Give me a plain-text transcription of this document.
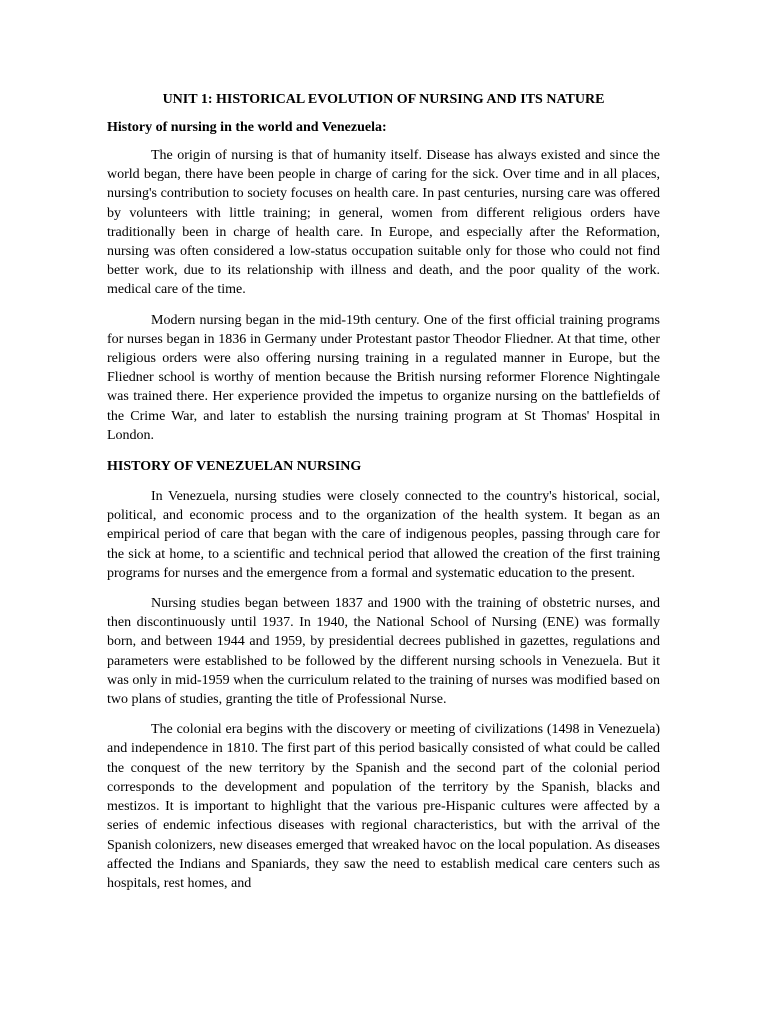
UNIT 1: HISTORICAL EVOLUTION OF NURSING AND ITS NATURE
History of nursing in the world and Venezuela:

The origin of nursing is that of humanity itself. Disease has always existed and since the world began, there have been people in charge of caring for the sick. Over time and in all places, nursing's contribution to society focuses on health care. In past centuries, nursing care was offered by volunteers with little training; in general, women from different religious orders have traditionally been in charge of health care. In Europe, and especially after the Reformation, nursing was often considered a low-status occupation suitable only for those who could not find better work, due to its relationship with illness and death, and the poor quality of the work. medical care of the time.

Modern nursing began in the mid-19th century. One of the first official training programs for nurses began in 1836 in Germany under Protestant pastor Theodor Fliedner. At that time, other religious orders were also offering nursing training in a regulated manner in Europe, but the Fliedner school is worthy of mention because the British nursing reformer Florence Nightingale was trained there. Her experience provided the impetus to organize nursing on the battlefields of the Crime War, and later to establish the nursing training program at St Thomas' Hospital in London.

HISTORY OF VENEZUELAN NURSING

In Venezuela, nursing studies were closely connected to the country's historical, social, political, and economic process and to the organization of the health system. It began as an empirical period of care that began with the care of indigenous peoples, passing through care for the sick at home, to a scientific and technical period that allowed the creation of the first training programs for nurses and the emergence from a formal and systematic education to the present.

Nursing studies began between 1837 and 1900 with the training of obstetric nurses, and then discontinuously until 1937. In 1940, the National School of Nursing (ENE) was formally born, and between 1944 and 1959, by presidential decrees published in gazettes, regulations and parameters were established to be followed by the different nursing schools in Venezuela. But it was only in mid-1959 when the curriculum related to the training of nurses was modified based on two plans of studies, granting the title of Professional Nurse.

The colonial era begins with the discovery or meeting of civilizations (1498 in Venezuela) and independence in 1810. The first part of this period basically consisted of what could be called the conquest of the new territory by the Spanish and the second part of the colonial period corresponds to the development and population of the territory by the Spanish, blacks and mestizos. It is important to highlight that the various pre-Hispanic cultures were affected by a series of endemic infectious diseases with regional characteristics, but with the arrival of the Spanish colonizers, new diseases emerged that wreaked havoc on the local population. As diseases affected the Indians and Spaniards, they saw the need to establish medical care centers such as hospitals, rest homes, and
